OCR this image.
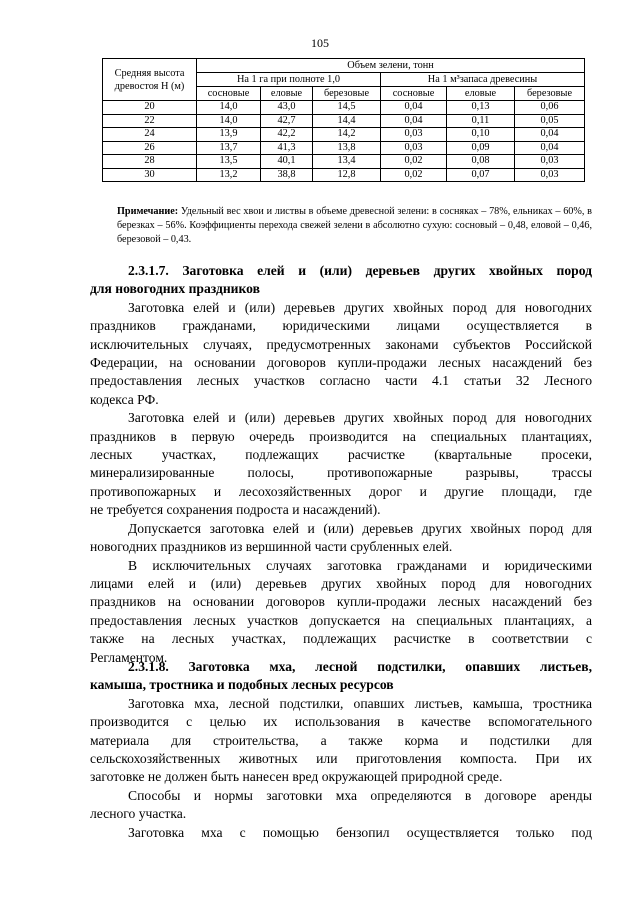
105
Средняя высота древостоя Н (м)	Объем зелени, тонн					
	На 1 га при полноте 1,0			На 1 м³запаса древесины		
	сосновые	еловые	березовые	сосновые	еловые	березовые
20	14,0	43,0	14,5	0,04	0,13	0,06
22	14,0	42,7	14,4	0,04	0,11	0,05
24	13,9	42,2	14,2	0,03	0,10	0,04
26	13,7	41,3	13,8	0,03	0,09	0,04
28	13,5	40,1	13,4	0,02	0,08	0,03
30	13,2	38,8	12,8	0,02	0,07	0,03
Примечание: Удельный вес хвои и листвы в объеме древесной зелени: в сосняках – 78%, ельниках – 60%, в березках – 56%. Коэффициенты перехода свежей зелени в абсолютно сухую: сосновый – 0,48, еловой – 0,46, березовой – 0,43.
2.3.1.7. Заготовка елей и (или) деревьев других хвойных пород
для новогодних праздников
Заготовка елей и (или) деревьев других хвойных пород для новогодних
праздников гражданами, юридическими лицами осуществляется в
исключительных случаях, предусмотренных законами субъектов Российской
Федерации, на основании договоров купли-продажи лесных насаждений без
предоставления лесных участков согласно части 4.1 статьи 32 Лесного
кодекса РФ.
Заготовка елей и (или) деревьев других хвойных пород для новогодних
праздников в первую очередь производится на специальных плантациях,
лесных участках, подлежащих расчистке (квартальные просеки,
минерализированные полосы, противопожарные разрывы, трассы
противопожарных и лесохозяйственных дорог и другие площади, где
не требуется сохранения подроста и насаждений).
Допускается заготовка елей и (или) деревьев других хвойных пород для
новогодних праздников из вершинной части срубленных елей.
В исключительных случаях заготовка гражданами и юридическими
лицами елей и (или) деревьев других хвойных пород для новогодних
праздников на основании договоров купли-продажи лесных насаждений без
предоставления лесных участков допускается на специальных плантациях, а
также на лесных участках, подлежащих расчистке в соответствии с
Регламентом.
2.3.1.8. Заготовка мха, лесной подстилки, опавших листьев,
камыша, тростника и подобных лесных ресурсов
Заготовка мха, лесной подстилки, опавших листьев, камыша, тростника
производится с целью их использования в качестве вспомогательного
материала для строительства, а также корма и подстилки для
сельскохозяйственных животных или приготовления компоста. При их
заготовке не должен быть нанесен вред окружающей природной среде.
Способы и нормы заготовки мха определяются в договоре аренды
лесного участка.
Заготовка мха с помощью бензопил осуществляется только под
